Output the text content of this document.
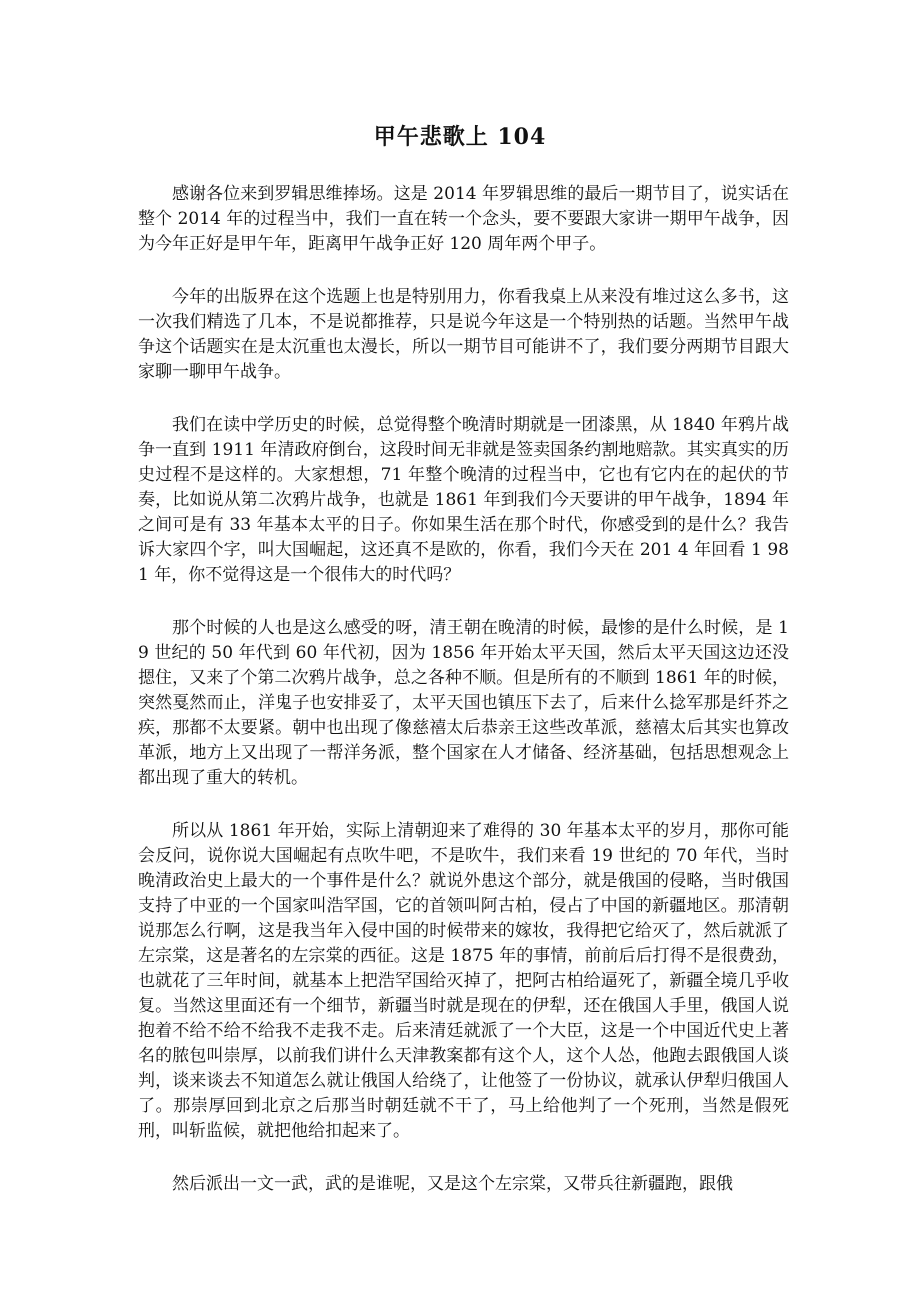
甲午悲歌上 104

感谢各位来到罗辑思维捧场。这是 2014 年罗辑思维的最后一期节目了，说实话在整个 2014 年的过程当中，我们一直在转一个念头，要不要跟大家讲一期甲午战争，因为今年正好是甲午年，距离甲午战争正好 120 周年两个甲子。

今年的出版界在这个选题上也是特别用力，你看我桌上从来没有堆过这么多书，这一次我们精选了几本，不是说都推荐，只是说今年这是一个特别热的话题。当然甲午战争这个话题实在是太沉重也太漫长，所以一期节目可能讲不了，我们要分两期节目跟大家聊一聊甲午战争。

我们在读中学历史的时候，总觉得整个晚清时期就是一团漆黑，从 1840 年鸦片战争一直到 1911 年清政府倒台，这段时间无非就是签卖国条约割地赔款。其实真实的历史过程不是这样的。大家想想，71 年整个晚清的过程当中，它也有它内在的起伏的节奏，比如说从第二次鸦片战争，也就是 1861 年到我们今天要讲的甲午战争，1894 年之间可是有 33 年基本太平的日子。你如果生活在那个时代，你感受到的是什么？我告诉大家四个字，叫大国崛起，这还真不是欧的，你看，我们今天在 201 4 年回看 1 981 年，你不觉得这是一个很伟大的时代吗？

那个时候的人也是这么感受的呀，清王朝在晚清的时候，最惨的是什么时候，是 19 世纪的 50 年代到 60 年代初，因为 1856 年开始太平天国，然后太平天国这边还没摁住，又来了个第二次鸦片战争，总之各种不顺。但是所有的不顺到 1861 年的时候，突然戛然而止，洋鬼子也安排妥了，太平天国也镇压下去了，后来什么捻军那是纤芥之疾，那都不太要紧。朝中也出现了像慈禧太后恭亲王这些改革派，慈禧太后其实也算改革派，地方上又出现了一帮洋务派，整个国家在人才储备、经济基础，包括思想观念上都出现了重大的转机。

所以从 1861 年开始，实际上清朝迎来了难得的 30 年基本太平的岁月，那你可能会反问，说你说大国崛起有点吹牛吧，不是吹牛，我们来看 19 世纪的 70 年代，当时晚清政治史上最大的一个事件是什么？就说外患这个部分，就是俄国的侵略，当时俄国支持了中亚的一个国家叫浩罕国，它的首领叫阿古柏，侵占了中国的新疆地区。那清朝说那怎么行啊，这是我当年入侵中国的时候带来的嫁妆，我得把它给灭了，然后就派了左宗棠，这是著名的左宗棠的西征。这是 1875 年的事情，前前后后打得不是很费劲，也就花了三年时间，就基本上把浩罕国给灭掉了，把阿古柏给逼死了，新疆全境几乎收复。当然这里面还有一个细节，新疆当时就是现在的伊犁，还在俄国人手里，俄国人说抱着不给不给不给我不走我不走。后来清廷就派了一个大臣，这是一个中国近代史上著名的脓包叫崇厚，以前我们讲什么天津教案都有这个人，这个人怂，他跑去跟俄国人谈判，谈来谈去不知道怎么就让俄国人给绕了，让他签了一份协议，就承认伊犁归俄国人了。那崇厚回到北京之后那当时朝廷就不干了，马上给他判了一个死刑，当然是假死刑，叫斩监候，就把他给扣起来了。

然后派出一文一武，武的是谁呢，又是这个左宗棠，又带兵往新疆跑，跟俄
